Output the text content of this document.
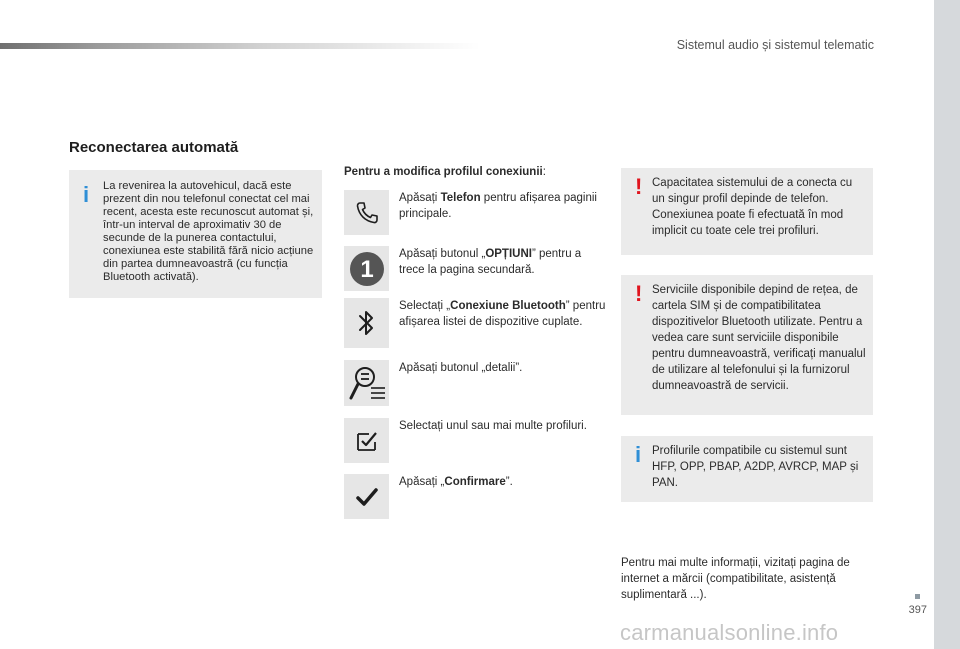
Sistemul audio și sistemul telematic
Reconectarea automată
i La revenirea la autovehicul, dacă este prezent din nou telefonul conectat cel mai recent, acesta este recunoscut automat și, într-un interval de aproximativ 30 de secunde de la punerea contactului, conexiunea este stabilită fără nicio acțiune din partea dumneavoastră (cu funcția Bluetooth activată).

Pentru a modifica profilul conexiunii:
Apăsați Telefon pentru afișarea paginii principale.
1
Apăsați butonul „OPȚIUNI” pentru a trece la pagina secundară.
Selectați „Conexiune Bluetooth” pentru afișarea listei de dispozitive cuplate.
Apăsați butonul „detalii”.
Selectați unul sau mai multe profiluri.
Apăsați „Confirmare”.
! Capacitatea sistemului de a conecta cu un singur profil depinde de telefon. Conexiunea poate fi efectuată în mod implicit cu toate cele trei profiluri.

! Serviciile disponibile depind de rețea, de cartela SIM și de compatibilitatea dispozitivelor Bluetooth utilizate. Pentru a vedea care sunt serviciile disponibile pentru dumneavoastră, verificați manualul de utilizare al telefonului și la furnizorul dumneavoastră de servicii.

i Profilurile compatibile cu sistemul sunt HFP, OPP, PBAP, A2DP, AVRCP, MAP și PAN.

Pentru mai multe informații, vizitați pagina de internet a mărcii (compatibilitate, asistență suplimentară ...).
397
carmanualsonline.info
